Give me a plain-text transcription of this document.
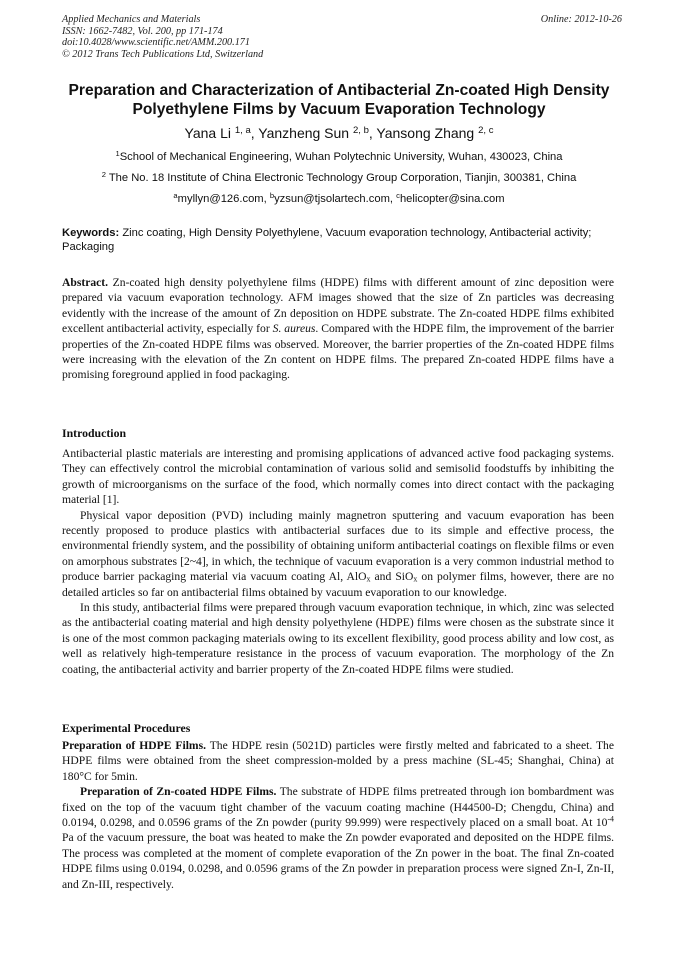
Applied Mechanics and Materials
ISSN: 1662-7482, Vol. 200, pp 171-174
doi:10.4028/www.scientific.net/AMM.200.171
© 2012 Trans Tech Publications Ltd, Switzerland
Online: 2012-10-26
Preparation and Characterization of Antibacterial Zn-coated High Density Polyethylene Films by Vacuum Evaporation Technology
Yana Li $^{1, a}$, Yanzheng Sun $^{2, b}$, Yansong Zhang $^{2, c}$
$^1$School of Mechanical Engineering, Wuhan Polytechnic University, Wuhan, 430023, China
$^2$ The No. 18 Institute of China Electronic Technology Group Corporation, Tianjin, 300381, China
$^a$myllyn@126.com, $^b$yzsun@tjsolartech.com, $^c$helicopter@sina.com
Keywords: Zinc coating, High Density Polyethylene, Vacuum evaporation technology, Antibacterial activity; Packaging

Abstract. Zn-coated high density polyethylene films (HDPE) films with different amount of zinc deposition were prepared via vacuum evaporation technology. AFM images showed that the size of Zn particles was decreasing evidently with the increase of the amount of Zn deposition on HDPE substrate. The Zn-coated HDPE films exhibited excellent antibacterial activity, especially for S. aureus. Compared with the HDPE film, the improvement of the barrier properties of the Zn-coated HDPE films was observed. Moreover, the barrier properties of the Zn-coated HDPE films were increasing with the elevation of the Zn content on HDPE films. The prepared Zn-coated HDPE films have a promising foreground applied in food packaging.

Introduction

Antibacterial plastic materials are interesting and promising applications of advanced active food packaging systems. They can effectively control the microbial contamination of various solid and semisolid foodstuffs by inhibiting the growth of microorganisms on the surface of the food, which normally comes into direct contact with the packaging material [1].

Physical vapor deposition (PVD) including mainly magnetron sputtering and vacuum evaporation has been recently proposed to produce plastics with antibacterial surfaces due to its simple and effective process, the environmental friendly system, and the possibility of obtaining uniform antibacterial coatings on flexible films or even on amorphous substrates [2~4], in which, the technique of vacuum evaporation is a very common industrial method to produce barrier packaging material via vacuum coating Al, AlO$_x$ and SiO$_x$ on polymer films, however, there are no detailed articles so far on antibacterial films obtained by vacuum evaporation to our knowledge.

In this study, antibacterial films were prepared through vacuum evaporation technique, in which, zinc was selected as the antibacterial coating material and high density polyethylene (HDPE) films were chosen as the substrate since it is one of the most common packaging materials owing to its excellent flexibility, good process ability and low cost, as well as relatively high-temperature resistance in the process of vacuum evaporation. The morphology of the Zn coating, the antibacterial activity and barrier property of the Zn-coated HDPE films were studied.

Experimental Procedures

Preparation of HDPE Films. The HDPE resin (5021D) particles were firstly melted and fabricated to a sheet. The HDPE films were obtained from the sheet compression-molded by a press machine (SL-45; Shanghai, China) at 180°C for 5min.

Preparation of Zn-coated HDPE Films. The substrate of HDPE films pretreated through ion bombardment was fixed on the top of the vacuum tight chamber of the vacuum coating machine (H44500-D; Chengdu, China) and 0.0194, 0.0298, and 0.0596 grams of the Zn powder (purity 99.999) were respectively placed on a small boat. At $10^{-4}$ Pa of the vacuum pressure, the boat was heated to make the Zn powder evaporated and deposited on the HDPE films. The process was completed at the moment of complete evaporation of the Zn power in the boat. The final Zn-coated HDPE films using 0.0194, 0.0298, and 0.0596 grams of the Zn powder in preparation process were signed Zn-I, Zn-II, and Zn-III, respectively.
